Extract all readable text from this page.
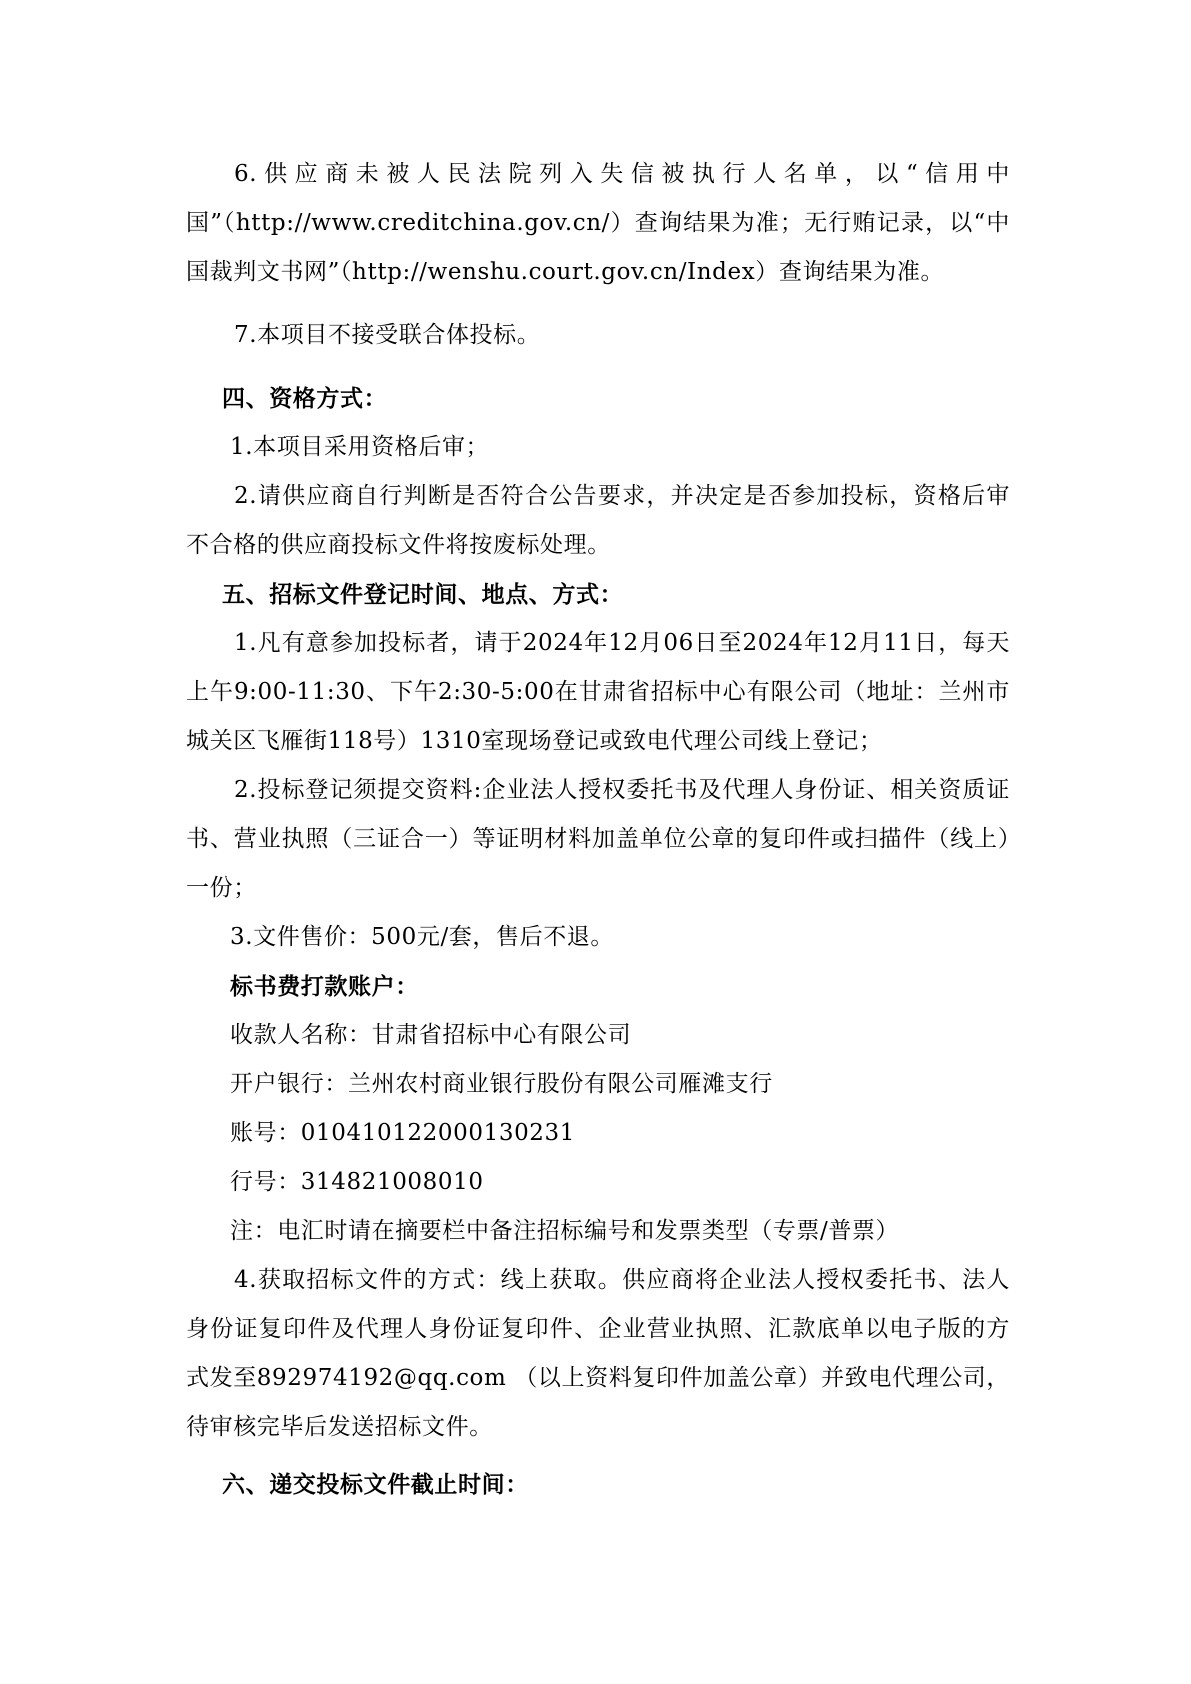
6.供应商未被人民法院列入失信被执行人名单，以“信用中国”（http://www.creditchina.gov.cn/）查询结果为准；无行贿记录，以“中国裁判文书网”（http://wenshu.court.gov.cn/Index）查询结果为准。

7.本项目不接受联合体投标。

四、资格方式：

1.本项目采用资格后审；

2.请供应商自行判断是否符合公告要求，并决定是否参加投标，资格后审不合格的供应商投标文件将按废标处理。

五、招标文件登记时间、地点、方式：

1.凡有意参加投标者，请于2024年12月06日至2024年12月11日，每天上午9:00-11:30、下午2:30-5:00在甘肃省招标中心有限公司（地址：兰州市城关区飞雁街118号）1310室现场登记或致电代理公司线上登记；

2.投标登记须提交资料:企业法人授权委托书及代理人身份证、相关资质证书、营业执照（三证合一）等证明材料加盖单位公章的复印件或扫描件（线上）一份；

3.文件售价：500元/套，售后不退。

标书费打款账户：

收款人名称：甘肃省招标中心有限公司

开户银行：兰州农村商业银行股份有限公司雁滩支行

账号：010410122000130231

行号：314821008010

注：电汇时请在摘要栏中备注招标编号和发票类型（专票/普票）

4.获取招标文件的方式：线上获取。供应商将企业法人授权委托书、法人身份证复印件及代理人身份证复印件、企业营业执照、汇款底单以电子版的方式发至892974192@qq.com （以上资料复印件加盖公章）并致电代理公司，待审核完毕后发送招标文件。

六、递交投标文件截止时间：
